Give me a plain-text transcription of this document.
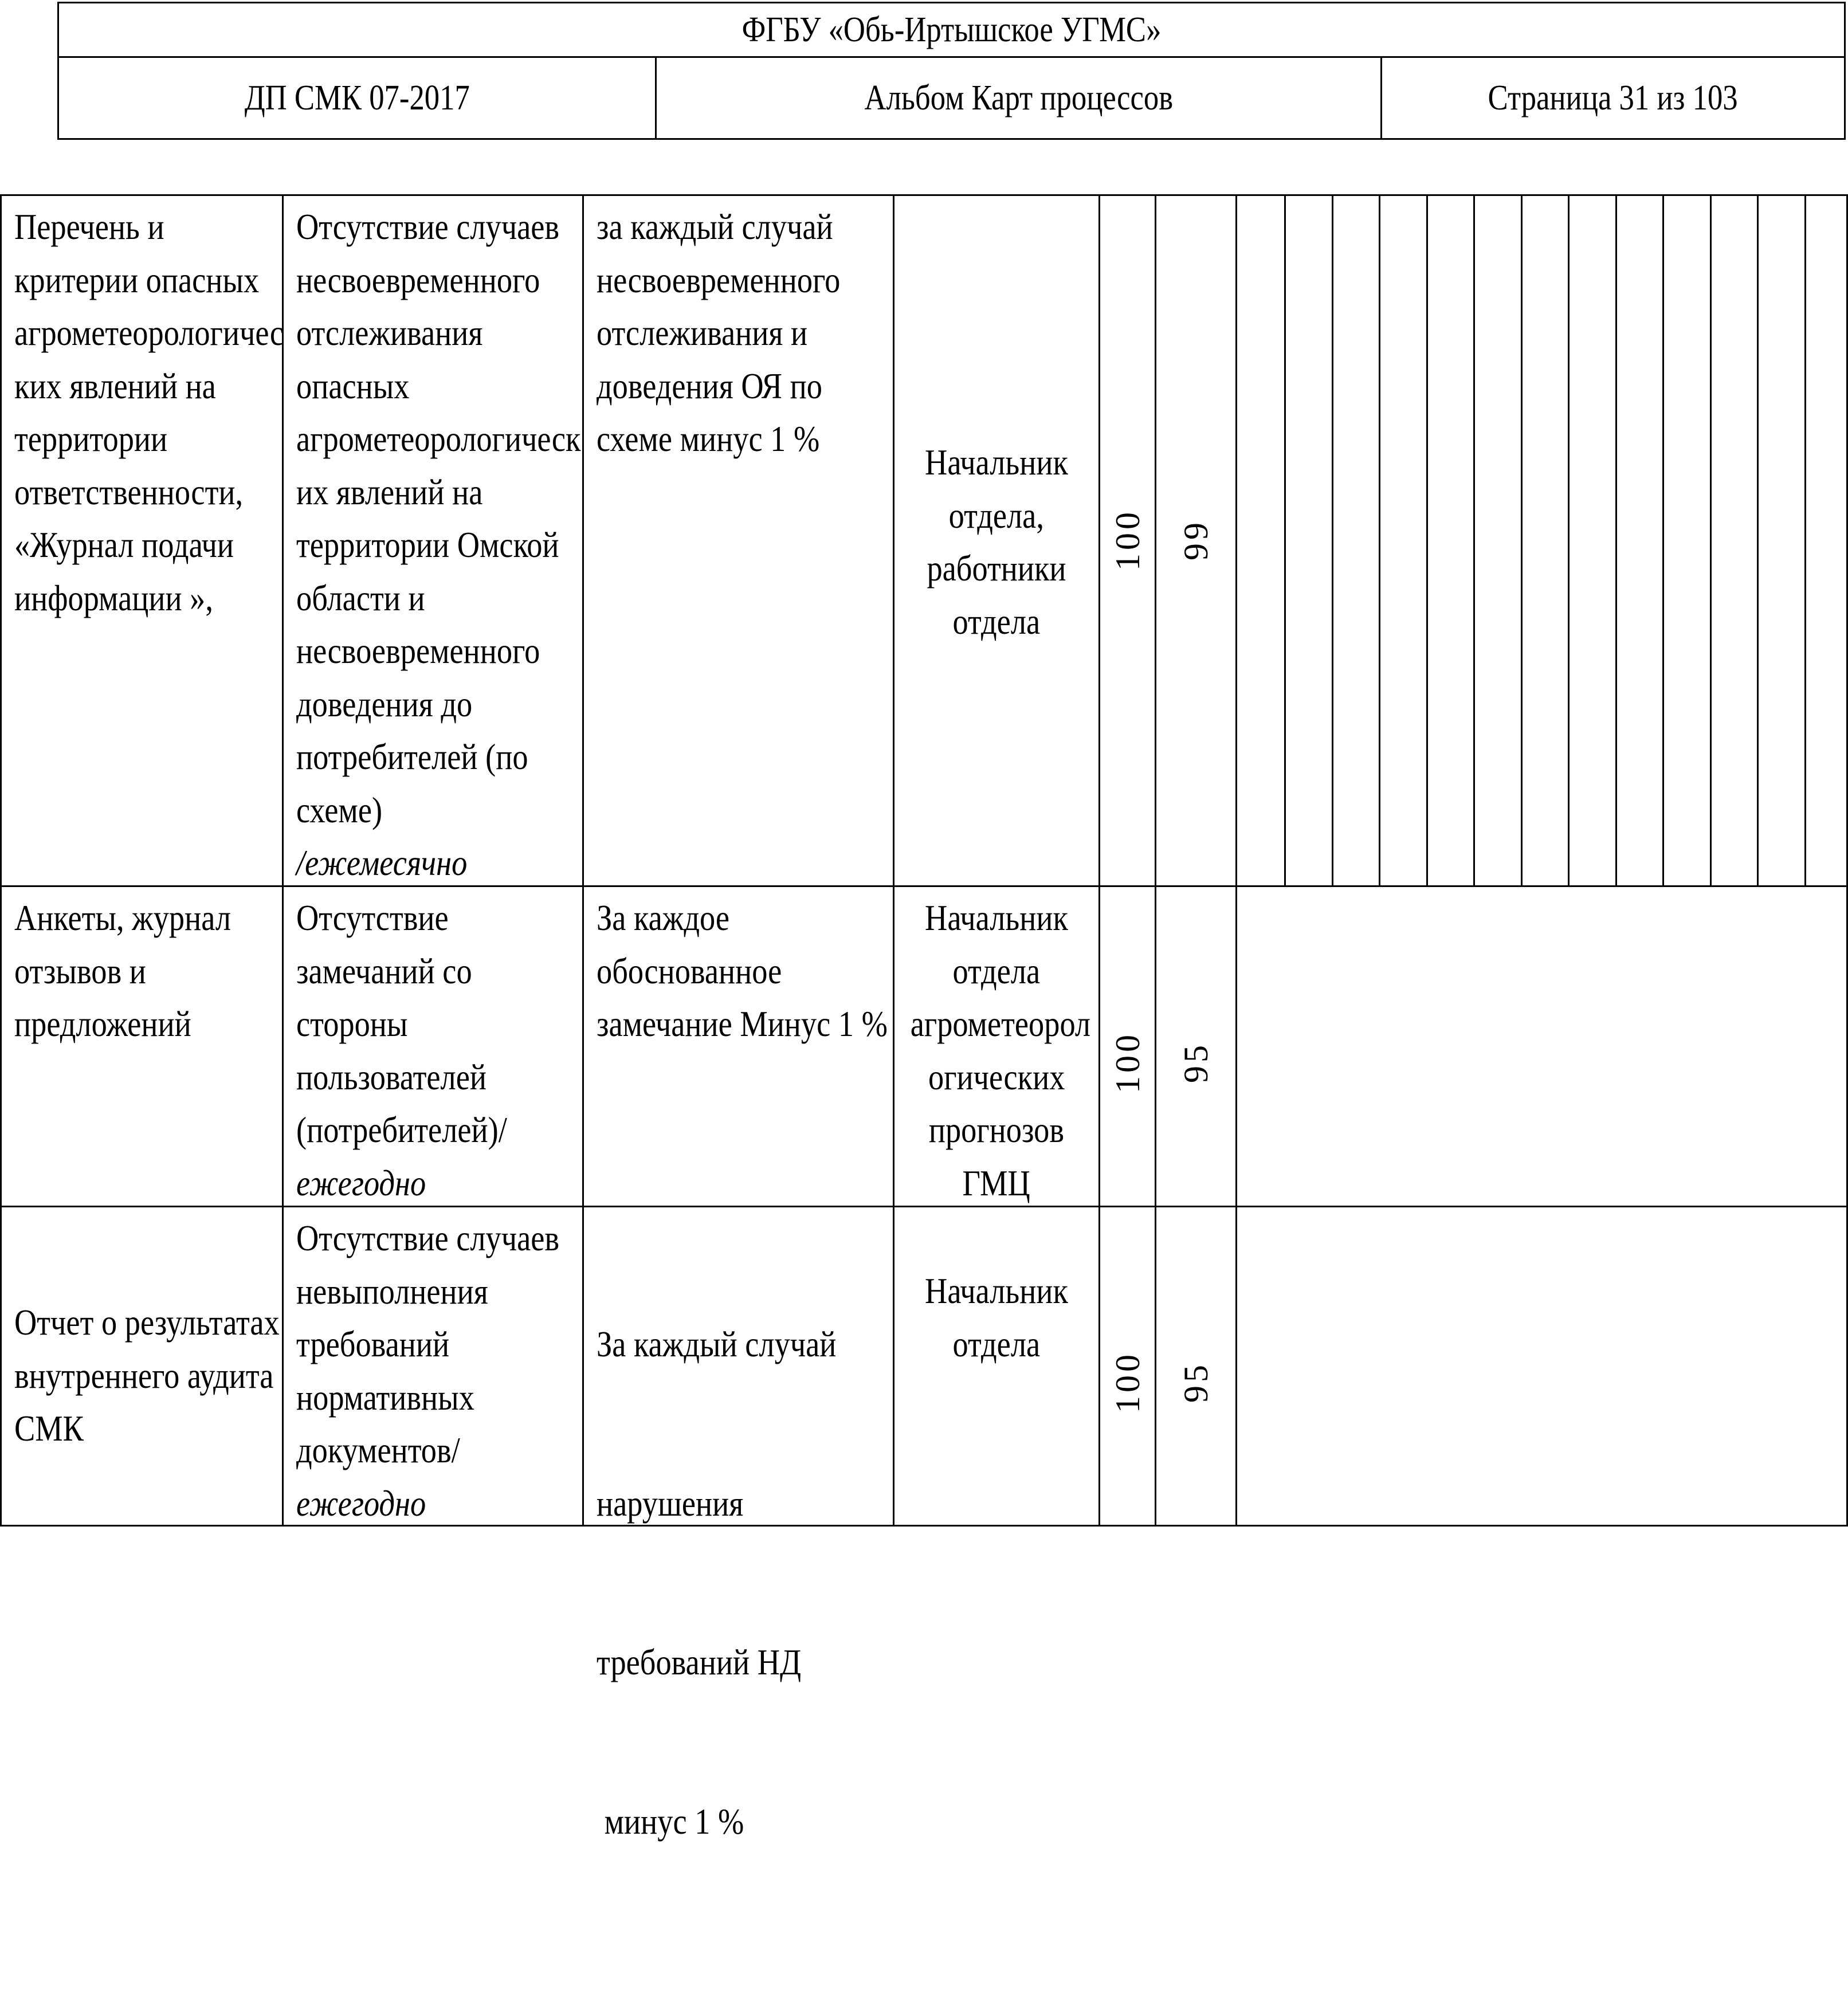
ФГБУ «Обь-Иртышское УГМС»
ДП СМК 07-2017	Альбом Карт процессов	Страница 31 из 103
Перечень и
критерии опасных
агрометеорологичес
ких явлений на
территории
ответственности,
«Журнал подачи
информации »,
Отсутствие случаев
несвоевременного
отслеживания
опасных
агрометеорологическ
их явлений на
территории Омской
области и
несвоевременного
доведения до
потребителей (по
схеме)
/ежемесячно
за каждый случай
несвоевременного
отслеживания и
доведения ОЯ по
схеме минус 1 %
Начальник
отдела,
работники
отдела
100 99
Анкеты, журнал
отзывов и
предложений
Отсутствие
замечаний со
стороны
пользователей
(потребителей)/
ежегодно
За каждое
обоснованное
замечание Минус 1 %
Начальник
отдела
агрометеорол
огических
прогнозов
ГМЦ
100 95
Отчет о результатах
внутреннего аудита
СМК
Отсутствие случаев
невыполнения
требований
нормативных
документов/
ежегодно

За каждый случай

нарушения

требований НД

минус 1 %

Начальник
отдела
100 95
